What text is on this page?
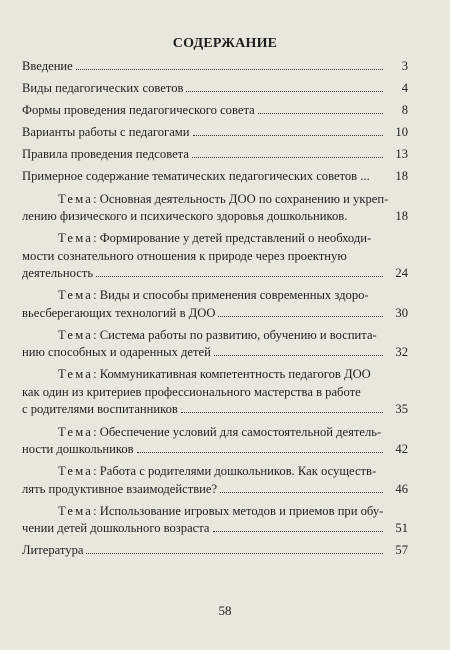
СОДЕРЖАНИЕ
Введение	3
Виды педагогических советов	4
Формы проведения педагогического совета	8
Варианты работы с педагогами	10
Правила проведения педсовета	13
Примерное содержание тематических педагогических советов ...	18
Тема: Основная деятельность ДОО по сохранению и укреп-
лению физического и психического здоровья дошкольников.	18
Тема: Формирование у детей представлений о необходи-
мости сознательного отношения к природе через проектную
деятельность	24
Тема: Виды и способы применения современных здоро-
вьесберегающих технологий в ДОО	30
Тема: Система работы по развитию, обучению и воспита-
нию способных и одаренных детей	32
Тема: Коммуникативная компетентность педагогов ДОО
как один из критериев профессионального мастерства в работе
с родителями воспитанников	35
Тема: Обеспечение условий для самостоятельной деятель-
ности дошкольников	42
Тема: Работа с родителями дошкольников. Как осуществ-
лять продуктивное взаимодействие?	46
Тема: Использование игровых методов и приемов при обу-
чении детей дошкольного возраста	51
Литература	57
58
